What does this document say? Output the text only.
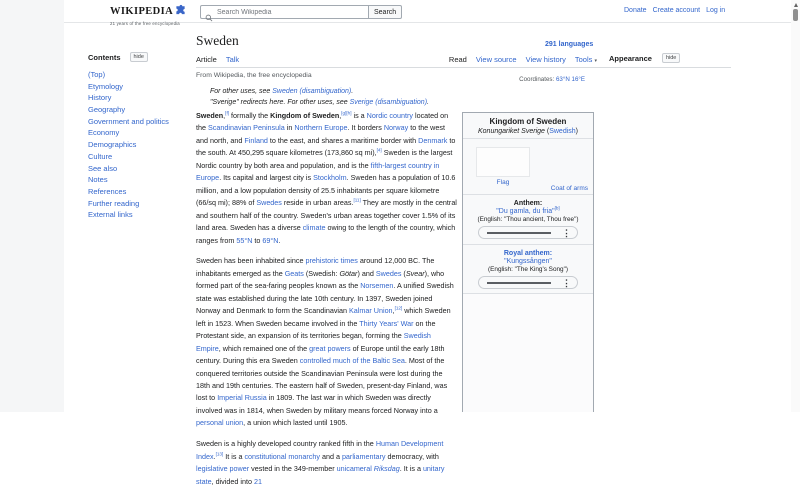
WIKIPEDIA
21 years of the free encyclopedia
Search Wikipedia
Search	Donate Create account Log in
Contents	hide
(Top)
Etymology
History
Geography
Government and politics
Economy
Demographics
Culture
See also
Notes
References
Further reading
External links
Sweden	291 languages
Article Talk	Read View source View history Tools ▾ Appearance	hide
From Wikipedia, the free encyclopedia
Coordinates: 63°N 16°E
For other uses, see Sweden (disambiguation).
"Sverige" redirects here. For other uses, see Sverige (disambiguation).

Sweden,[f] formally the Kingdom of Sweden,[g][h] is a Nordic country located on the Scandinavian Peninsula in Northern Europe. It borders Norway to the west and north, and Finland to the east, and shares a maritime border with Denmark to the south. At 450,295 square kilometres (173,860 sq mi),[4] Sweden is the largest Nordic country by both area and population, and is the fifth-largest country in Europe. Its capital and largest city is Stockholm. Sweden has a population of 10.6 million, and a low population density of 25.5 inhabitants per square kilometre (66/sq mi); 88% of Swedes reside in urban areas.[11] They are mostly in the central and southern half of the country. Sweden's urban areas together cover 1.5% of its land area. Sweden has a diverse climate owing to the length of the country, which ranges from 55°N to 69°N.

Sweden has been inhabited since prehistoric times around 12,000 BC. The inhabitants emerged as the Geats (Swedish: Götar) and Swedes (Svear), who formed part of the sea-faring peoples known as the Norsemen. A unified Swedish state was established during the late 10th century. In 1397, Sweden joined Norway and Denmark to form the Scandinavian Kalmar Union,[12] which Sweden left in 1523. When Sweden became involved in the Thirty Years' War on the Protestant side, an expansion of its territories began, forming the Swedish Empire, which remained one of the great powers of Europe until the early 18th century. During this era Sweden controlled much of the Baltic Sea. Most of the conquered territories outside the Scandinavian Peninsula were lost during the 18th and 19th centuries. The eastern half of Sweden, present-day Finland, was lost to Imperial Russia in 1809. The last war in which Sweden was directly involved was in 1814, when Sweden by military means forced Norway into a personal union, a union which lasted until 1905.

Sweden is a highly developed country ranked fifth in the Human Development Index.[13] It is a constitutional monarchy and a parliamentary democracy, with legislative power vested in the 349-member unicameral Riksdag. It is a unitary state, divided into 21

Kingdom of Sweden
Konungariket Sverige (Swedish)
Flag
Coat of arms
Anthem:
"Du gamla, du fria"[b]
(English: "Thou ancient, Thou free")
⋮
Royal anthem:
"Kungssången"
(English: "The King's Song")
⋮
